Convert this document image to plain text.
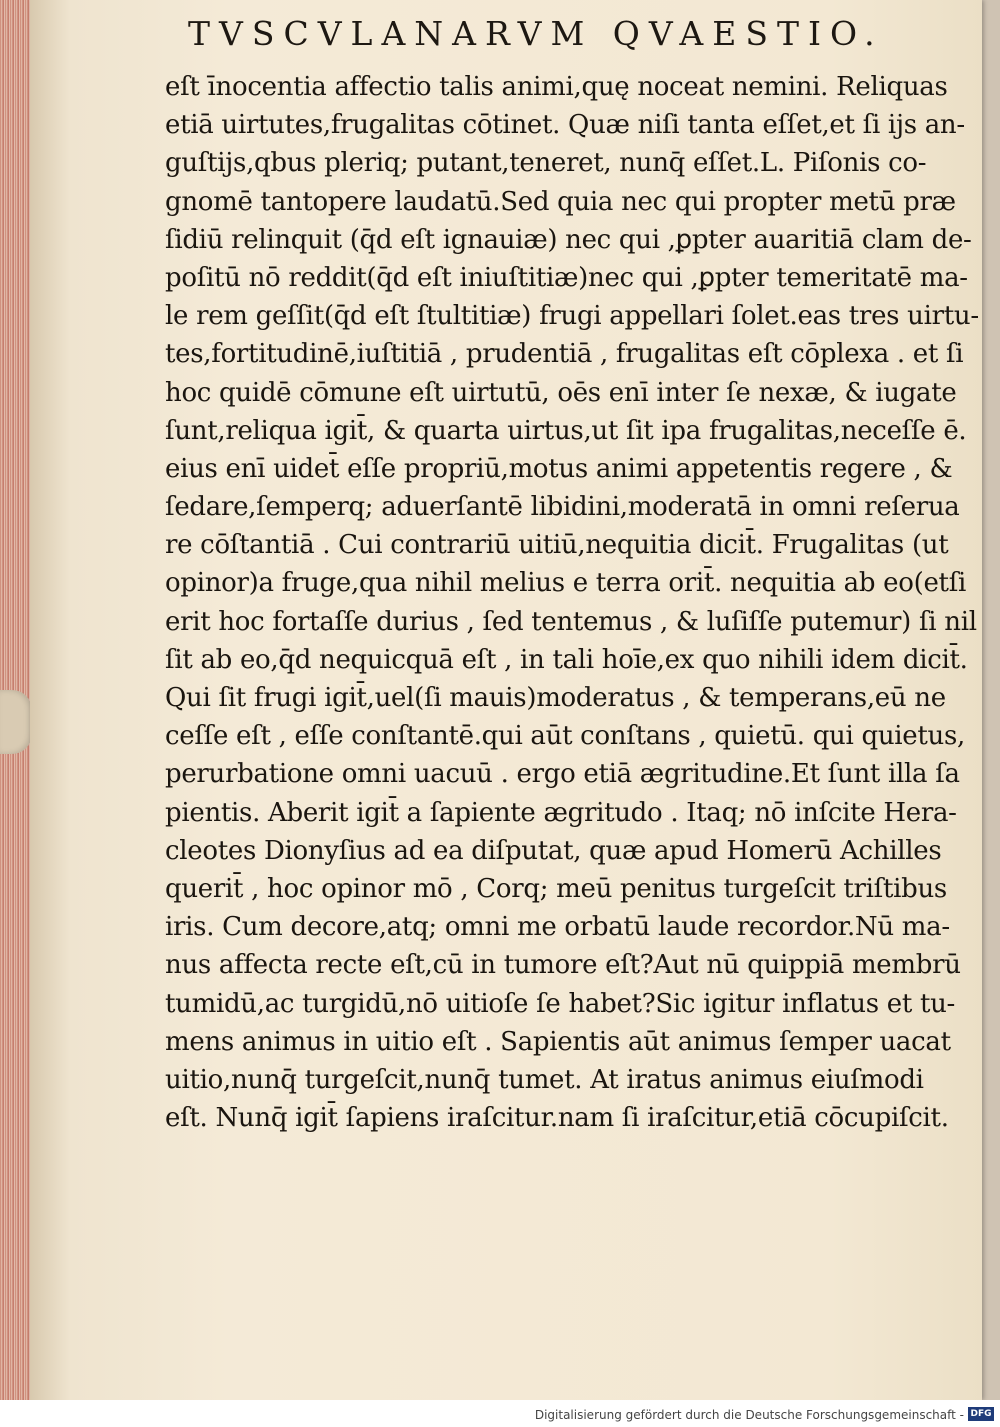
TVSCVLANARVM QVAESTIO.
eſt īnocentia affectio talis animi,quę noceat nemini. Reliquas
etiā uirtutes,frugalitas cōtinet. Quæ niſi tanta eſſet,et ſi ijs an-
guſtijs,qbus pleriq; putant,teneret, nunq̄ eſſet.L. Piſonis co-
gnomē tantopere laudatū.Sed quia nec qui propter metū præ
ſidiū relinquit (q̄d eſt ignauiæ) nec qui ,ꝑpter auaritiā clam de-
poſitū nō reddit(q̄d eſt iniuſtitiæ)nec qui ,ꝑpter temeritatē ma-
le rem geſſit(q̄d eſt ſtultitiæ) frugi appellari ſolet.eas tres uirtu-
tes,fortitudinē,iuſtitiā , prudentiā , frugalitas eſt cōplexa . et ſi
hoc quidē cōmune eſt uirtutū, oēs enī inter ſe nexæ, & iugate
ſunt,reliqua igit̄, & quarta uirtus,ut ſit ipa frugalitas,neceſſe ē.
eius enī uidet̄ eſſe propriū,motus animi appetentis regere , &
ſedare,ſemperq; aduerſantē libidini,moderatā in omni reſerua
re cōſtantiā . Cui contrariū uitiū,nequitia dicit̄. Frugalitas (ut
opinor)a fruge,qua nihil melius e terra orit̄. nequitia ab eo(etſi
erit hoc fortaſſe durius , ſed tentemus , & luſiſſe putemur) ſi nil
ſit ab eo,q̄d nequicquā eſt , in tali hoīe,ex quo nihili idem dicit̄.
Qui ſit frugi igit̄,uel(ſi mauis)moderatus , & temperans,eū ne
ceſſe eſt , eſſe conſtantē.qui aūt conſtans , quietū. qui quietus,
perurbatione omni uacuū . ergo etiā ægritudine.Et ſunt illa ſa
pientis. Aberit igit̄ a ſapiente ægritudo . Itaq; nō inſcite Hera-
cleotes Dionyſius ad ea diſputat, quæ apud Homerū Achilles
querit̄ , hoc opinor mō , Corq; meū penitus turgeſcit triſtibus
iris. Cum decore,atq; omni me orbatū laude recordor.Nū ma-
nus affecta recte eſt,cū in tumore eſt?Aut nū quippiā membrū
tumidū,ac turgidū,nō uitioſe ſe habet?Sic igitur inflatus et tu-
mens animus in uitio eſt . Sapientis aūt animus ſemper uacat
uitio,nunq̄ turgeſcit,nunq̄ tumet. At iratus animus eiuſmodi
eſt. Nunq̄ igit̄ ſapiens iraſcitur.nam ſi iraſcitur,etiā cōcupiſcit.
Digitalisierung gefördert durch die Deutsche Forschungsgemeinschaft - DFG
